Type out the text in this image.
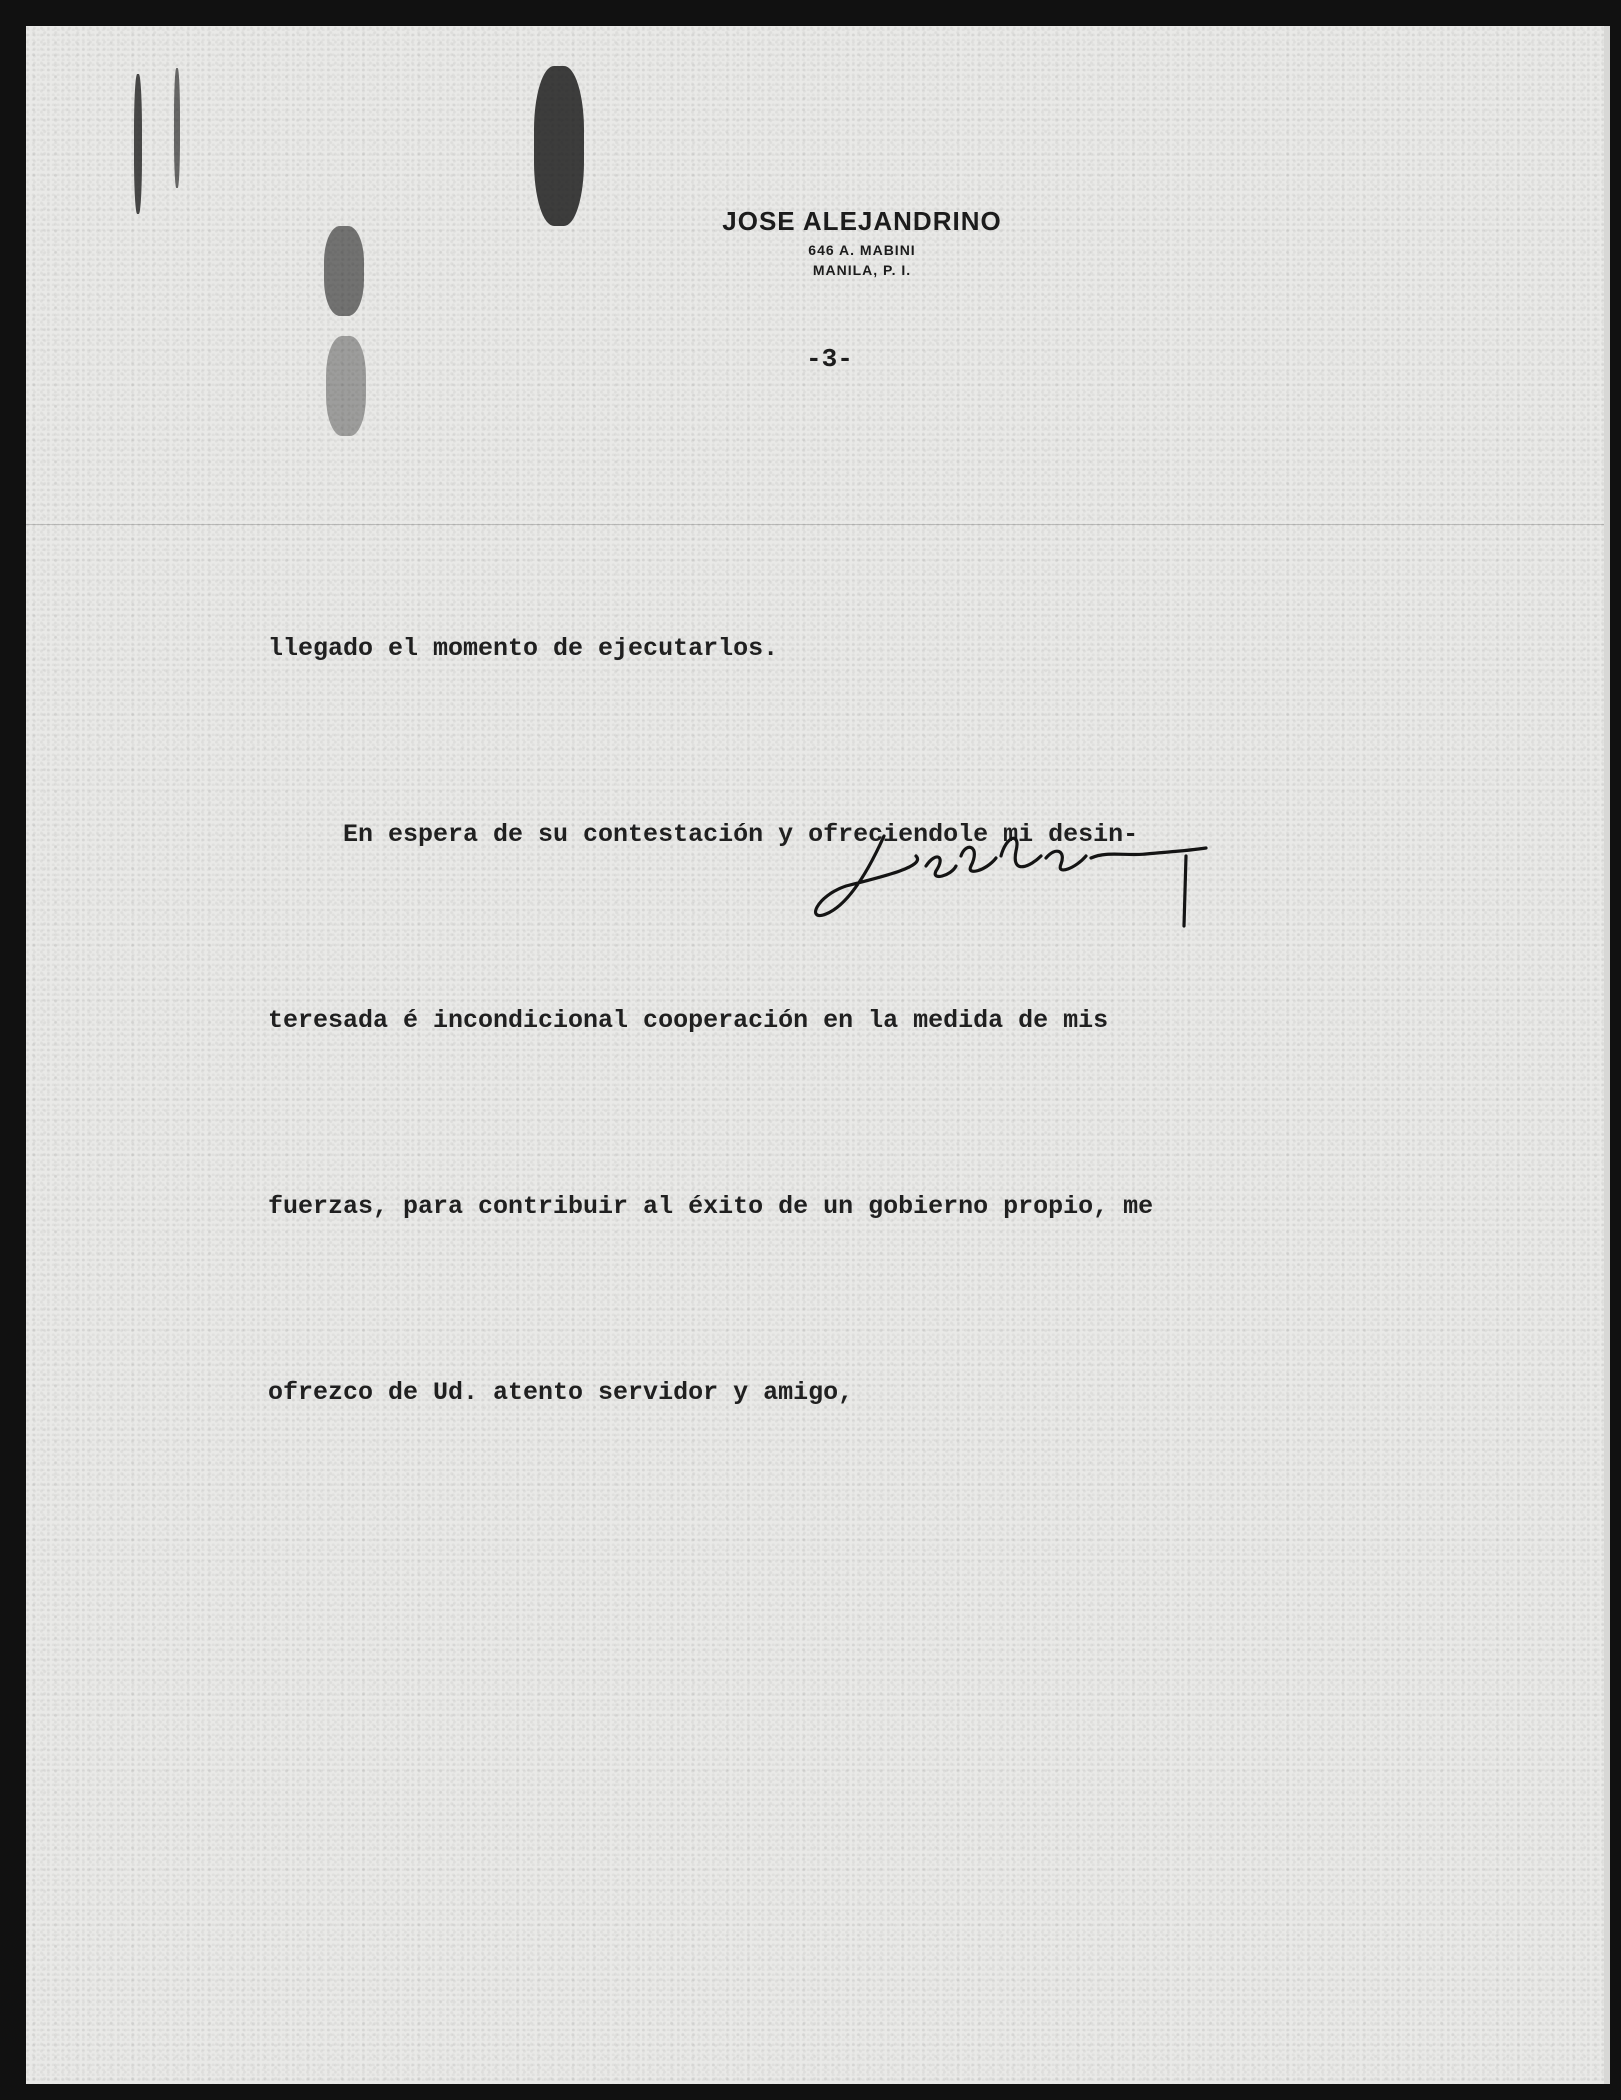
JOSE ALEJANDRINO
646 A. MABINI
MANILA, P. I.
-3-

llegado el momento de ejecutarlos.

En espera de su contestación y ofreciendole mi desin-

teresada é incondicional cooperación en la medida de mis

fuerzas, para contribuir al éxito de un gobierno propio, me

ofrezco de Ud. atento servidor y amigo,
